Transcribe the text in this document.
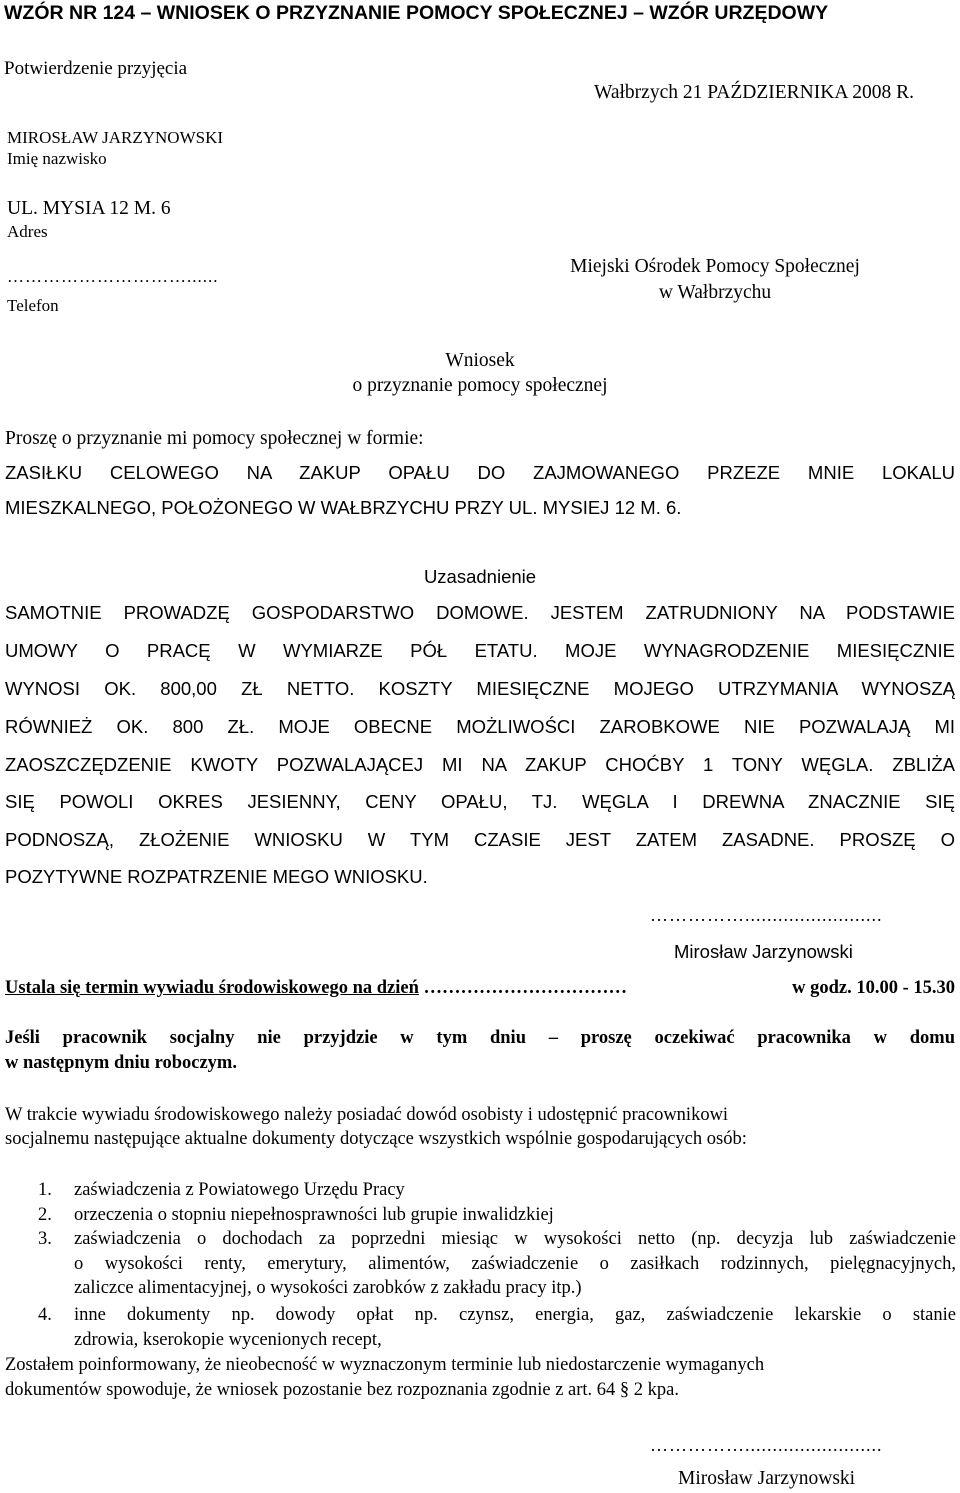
WZÓR NR 124 – WNIOSEK O PRZYZNANIE POMOCY SPOŁECZNEJ – WZÓR URZĘDOWY
Potwierdzenie przyjęcia
Wałbrzych 21 PAŹDZIERNIKA 2008 R.
MIROSŁAW JARZYNOWSKI
Imię nazwisko
UL. MYSIA 12 M. 6
Adres
…………………………......
Telefon
Miejski Ośrodek Pomocy Społecznej
w Wałbrzychu
Wniosek
o przyznanie pomocy społecznej
Proszę o przyznanie mi pomocy społecznej w formie:
ZASIŁKU CELOWEGO NA ZAKUP OPAŁU DO ZAJMOWANEGO PRZEZE MNIE LOKALU
MIESZKALNEGO, POŁOŻONEGO W WAŁBRZYCHU PRZY UL. MYSIEJ 12 M. 6.
Uzasadnienie
SAMOTNIE PROWADZĘ GOSPODARSTWO DOMOWE. JESTEM ZATRUDNIONY NA PODSTAWIE
UMOWY O PRACĘ W WYMIARZE PÓŁ ETATU. MOJE WYNAGRODZENIE MIESIĘCZNIE
WYNOSI OK. 800,00 ZŁ NETTO. KOSZTY MIESIĘCZNE MOJEGO UTRZYMANIA WYNOSZĄ
RÓWNIEŻ OK. 800 ZŁ. MOJE OBECNE MOŻLIWOŚCI ZAROBKOWE NIE POZWALAJĄ MI
ZAOSZCZĘDZENIE KWOTY POZWALAJĄCEJ MI NA ZAKUP CHOĆBY 1 TONY WĘGLA. ZBLIŻA
SIĘ POWOLI OKRES JESIENNY, CENY OPAŁU, TJ. WĘGLA I DREWNA ZNACZNIE SIĘ
PODNOSZĄ, ZŁOŻENIE WNIOSKU W TYM CZASIE JEST ZATEM ZASADNE. PROSZĘ O
POZYTYWNE ROZPATRZENIE MEGO WNIOSKU.
…………….........................
Mirosław Jarzynowski
Ustala się termin wywiadu środowiskowego na dzień ……………………………	w godz. 10.00 - 15.30
Jeśli pracownik socjalny nie przyjdzie w tym dniu – proszę oczekiwać pracownika w domu
w następnym dniu roboczym.
W trakcie wywiadu środowiskowego należy posiadać dowód osobisty i udostępnić pracownikowi
socjalnemu następujące aktualne dokumenty dotyczące wszystkich wspólnie gospodarujących osób:
1. zaświadczenia z Powiatowego Urzędu Pracy
2. orzeczenia o stopniu niepełnosprawności lub grupie inwalidzkiej
3. zaświadczenia o dochodach za poprzedni miesiąc w wysokości netto (np. decyzja lub zaświadczenie
o wysokości renty, emerytury, alimentów, zaświadczenie o zasiłkach rodzinnych, pielęgnacyjnych,
zaliczce alimentacyjnej, o wysokości zarobków z zakładu pracy itp.)
4. inne dokumenty np. dowody opłat np. czynsz, energia, gaz, zaświadczenie lekarskie o stanie
zdrowia, kserokopie wycenionych recept,
Zostałem poinformowany, że nieobecność w wyznaczonym terminie lub niedostarczenie wymaganych
dokumentów spowoduje, że wniosek pozostanie bez rozpoznania zgodnie z art. 64 § 2 kpa.
…………….........................
Mirosław Jarzynowski
